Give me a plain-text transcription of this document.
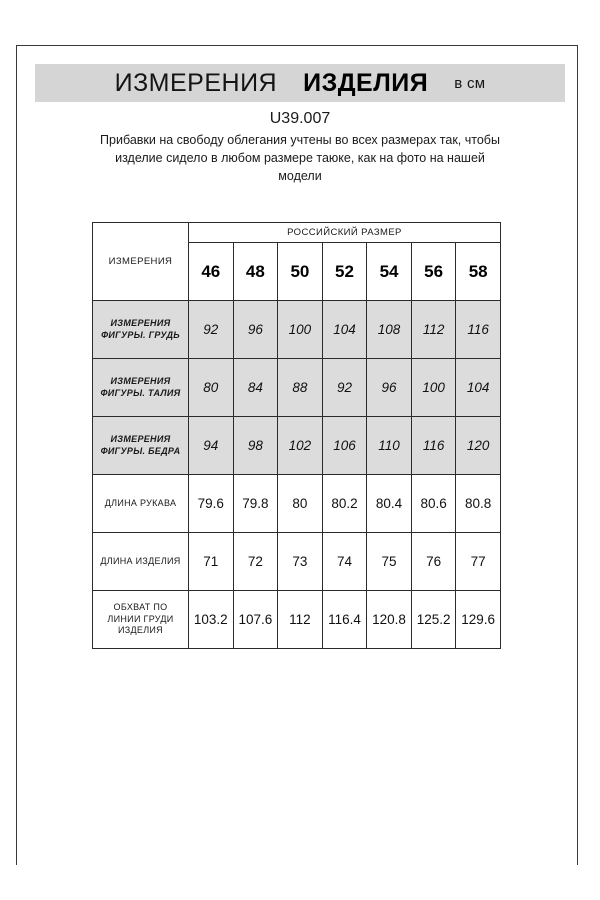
ИЗМЕРЕНИЯ ИЗДЕЛИЯ в см
U39.007
Прибавки на свободу облегания учтены во всех размерах так, чтобы изделие сидело в любом размере таюке, как на фото на нашей модели
ИЗМЕРЕНИЯ	РОССИЙСКИЙ РАЗМЕР						
	46	48	50	52	54	56	58
ИЗМЕРЕНИЯ
ФИГУРЫ. ГРУДЬ	92	96	100	104	108	112	116
ИЗМЕРЕНИЯ
ФИГУРЫ. ТАЛИЯ	80	84	88	92	96	100	104
ИЗМЕРЕНИЯ
ФИГУРЫ. БЕДРА	94	98	102	106	110	116	120
ДЛИНА РУКАВА	79.6	79.8	80	80.2	80.4	80.6	80.8
ДЛИНА ИЗДЕЛИЯ	71	72	73	74	75	76	77
ОБХВАТ ПО
ЛИНИИ ГРУДИ
ИЗДЕЛИЯ	103.2	107.6	112	116.4	120.8	125.2	129.6
